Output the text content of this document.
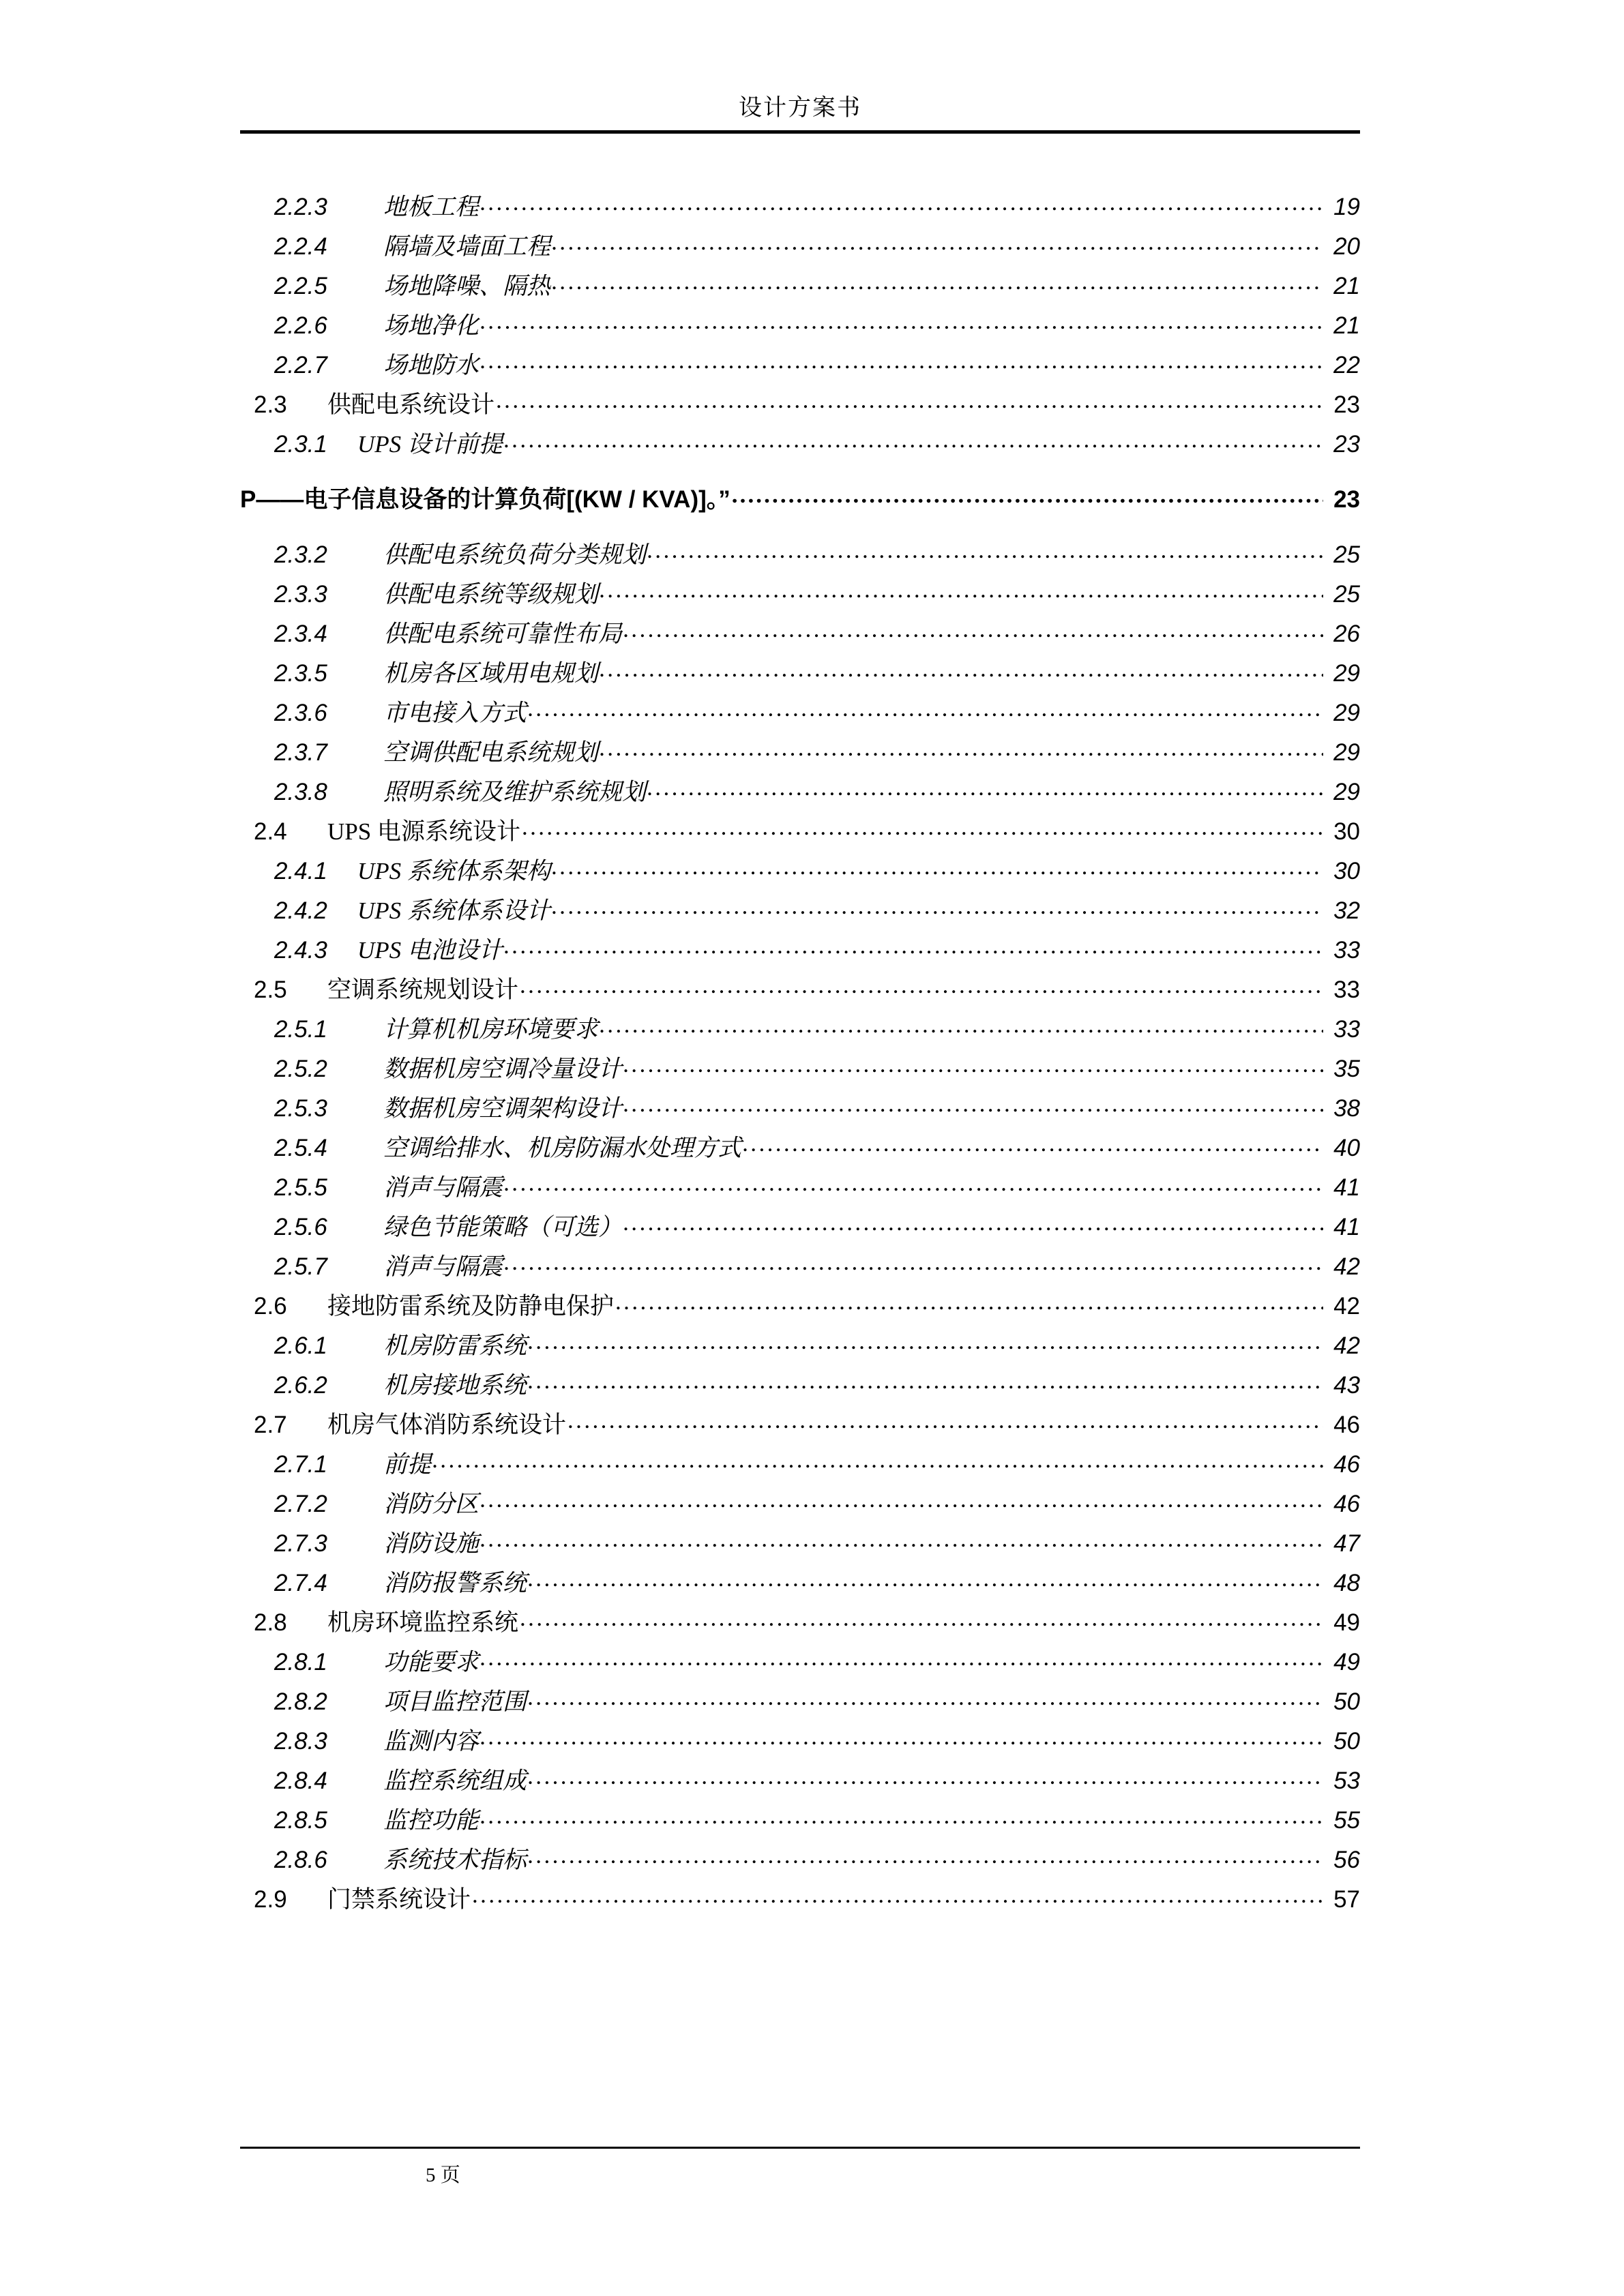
设计方案书
2.2.3	地板工程 .....	19
2.2.4	隔墙及墙面工程 .....	20
2.2.5	场地降噪、隔热 .....	21
2.2.6	场地净化 .....	21
2.2.7	场地防水 .....	22
2.3	供配电系统设计 .....	23
2.3.1	UPS 设计前提 .....	23
P——电子信息设备的计算负荷[(KW / KVA)]。” .....	23
2.3.2	供配电系统负荷分类规划 .....	25
2.3.3	供配电系统等级规划 .....	25
2.3.4	供配电系统可靠性布局 .....	26
2.3.5	机房各区域用电规划 .....	29
2.3.6	市电接入方式 .....	29
2.3.7	空调供配电系统规划 .....	29
2.3.8	照明系统及维护系统规划 .....	29
2.4	UPS 电源系统设计 .....	30
2.4.1	UPS 系统体系架构 .....	30
2.4.2	UPS 系统体系设计 .....	32
2.4.3	UPS 电池设计 .....	33
2.5	空调系统规划设计 .....	33
2.5.1	计算机机房环境要求 .....	33
2.5.2	数据机房空调冷量设计 .....	35
2.5.3	数据机房空调架构设计 .....	38
2.5.4	空调给排水、机房防漏水处理方式 .....	40
2.5.5	消声与隔震 .....	41
2.5.6	绿色节能策略（可选） .....	41
2.5.7	消声与隔震 .....	42
2.6	接地防雷系统及防静电保护 .....	42
2.6.1	机房防雷系统 .....	42
2.6.2	机房接地系统 .....	43
2.7	机房气体消防系统设计 .....	46
2.7.1	前提 .....	46
2.7.2	消防分区 .....	46
2.7.3	消防设施 .....	47
2.7.4	消防报警系统 .....	48
2.8	机房环境监控系统 .....	49
2.8.1	功能要求 .....	49
2.8.2	项目监控范围 .....	50
2.8.3	监测内容 .....	50
2.8.4	监控系统组成 .....	53
2.8.5	监控功能 .....	55
2.8.6	系统技术指标 .....	56
2.9	门禁系统设计 .....	57
5 页
